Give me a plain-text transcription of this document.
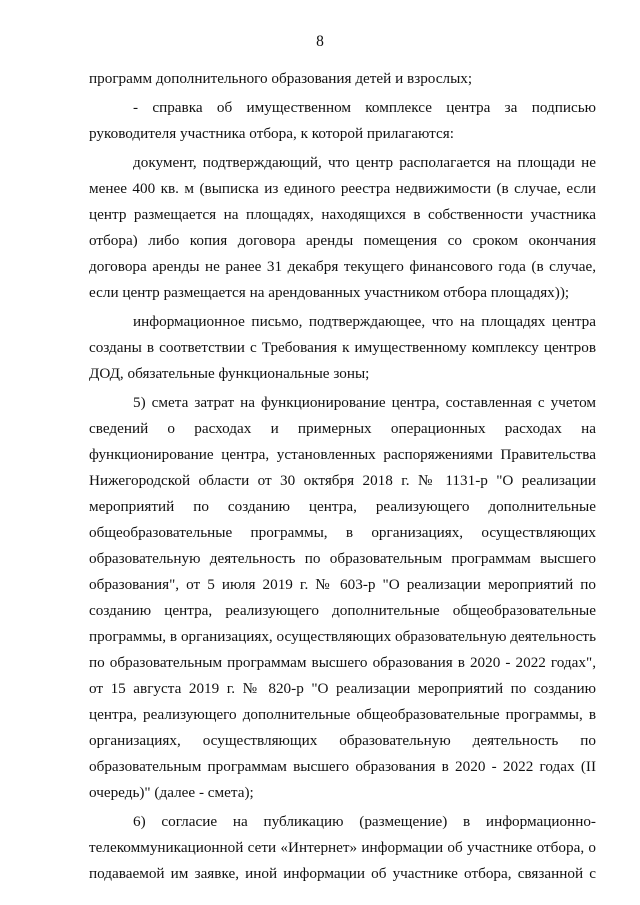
8

программ дополнительного образования детей и взрослых;

- справка об имущественном комплексе центра за подписью руководителя участника отбора, к которой прилагаются:

документ, подтверждающий, что центр располагается на площади не менее 400 кв. м (выписка из единого реестра недвижимости (в случае, если центр размещается на площадях, находящихся в собственности участника отбора) либо копия договора аренды помещения со сроком окончания договора аренды не ранее 31 декабря текущего финансового года (в случае, если центр размещается на арендованных участником отбора площадях));

информационное письмо, подтверждающее, что на площадях центра созданы в соответствии с Требования к имущественному комплексу центров ДОД, обязательные функциональные зоны;

5) смета затрат на функционирование центра, составленная с учетом сведений о расходах и примерных операционных расходах на функционирование центра, установленных распоряжениями Правительства Нижегородской области от 30 октября 2018 г. № 1131-р "О реализации мероприятий по созданию центра, реализующего дополнительные общеобразовательные программы, в организациях, осуществляющих образовательную деятельность по образовательным программам высшего образования", от 5 июля 2019 г. № 603-р "О реализации мероприятий по созданию центра, реализующего дополнительные общеобразовательные программы, в организациях, осуществляющих образовательную деятельность по образовательным программам высшего образования в 2020 - 2022 годах", от 15 августа 2019 г. № 820-р "О реализации мероприятий по созданию центра, реализующего дополнительные общеобразовательные программы, в организациях, осуществляющих образовательную деятельность по образовательным программам высшего образования в 2020 - 2022 годах (II очередь)" (далее - смета);

6) согласие на публикацию (размещение) в информационно-телекоммуникационной сети «Интернет» информации об участнике отбора, о подаваемой им заявке, иной информации об участнике отбора, связанной с
